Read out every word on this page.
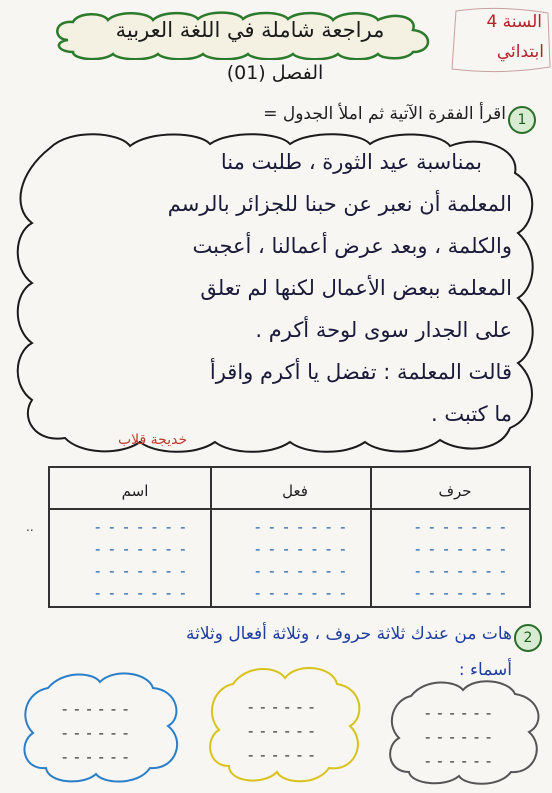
مراجعة شاملة في اللغة العربية
الفصل (01)
السنة 4
ابتدائي
1
اقرأ الفقرة الآتية ثم املأ الجدول =
بمناسبة عيد الثورة ، طلبت منا
المعلمة أن نعبر عن حبنا للجزائر بالرسم
والكلمة ، وبعد عرض أعمالنا ، أعجبت
المعلمة ببعض الأعمال لكنها لم تعلق
على الجدار سوى لوحة أكرم .
قالت المعلمة : تفضل يا أكرم واقرأ
ما كتبت .
خديجة قلاب
..
حرف
فعل
اسم
- - - - - - -
- - - - - - -
- - - - - - -
- - - - - - -
- - - - - - -
- - - - - - -
- - - - - - -
- - - - - - -
- - - - - - -
- - - - - - -
- - - - - - -
- - - - - - -
2
هات من عندك ثلاثة حروف ، وثلاثة أفعال وثلاثة
أسماء :
- - - - - -
- - - - - -
- - - - - -
- - - - - -
- - - - - -
- - - - - -
- - - - - -
- - - - - -
- - - - - -
